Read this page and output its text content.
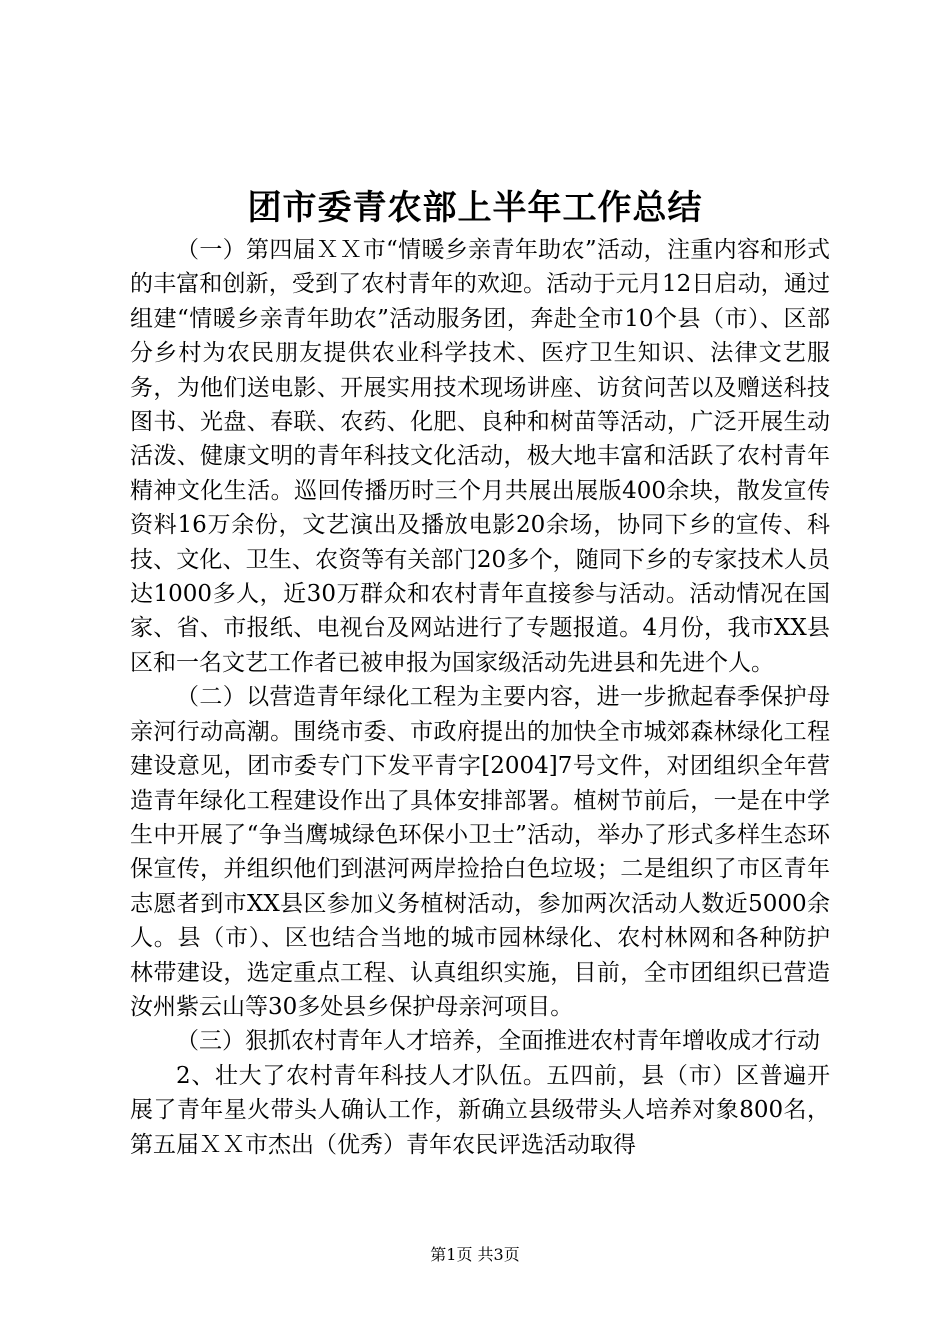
团市委青农部上半年工作总结

（一）第四届ＸＸ市“情暖乡亲青年助农”活动，注重内容和形式的丰富和创新，受到了农村青年的欢迎。活动于元月12日启动，通过组建“情暖乡亲青年助农”活动服务团，奔赴全市10个县（市）、区部分乡村为农民朋友提供农业科学技术、医疗卫生知识、法律文艺服务，为他们送电影、开展实用技术现场讲座、访贫问苦以及赠送科技图书、光盘、春联、农药、化肥、良种和树苗等活动，广泛开展生动活泼、健康文明的青年科技文化活动，极大地丰富和活跃了农村青年精神文化生活。巡回传播历时三个月共展出展版400余块，散发宣传资料16万余份，文艺演出及播放电影20余场，协同下乡的宣传、科技、文化、卫生、农资等有关部门20多个，随同下乡的专家技术人员达1000多人，近30万群众和农村青年直接参与活动。活动情况在国家、省、市报纸、电视台及网站进行了专题报道。4月份，我市XX县区和一名文艺工作者已被申报为国家级活动先进县和先进个人。

（二）以营造青年绿化工程为主要内容，进一步掀起春季保护母亲河行动高潮。围绕市委、市政府提出的加快全市城郊森林绿化工程建设意见，团市委专门下发平青字[2004]7号文件，对团组织全年营造青年绿化工程建设作出了具体安排部署。植树节前后，一是在中学生中开展了“争当鹰城绿色环保小卫士”活动，举办了形式多样生态环保宣传，并组织他们到湛河两岸捡拾白色垃圾；二是组织了市区青年志愿者到市XX县区参加义务植树活动，参加两次活动人数近5000余人。县（市）、区也结合当地的城市园林绿化、农村林网和各种防护林带建设，选定重点工程、认真组织实施，目前，全市团组织已营造汝州紫云山等30多处县乡保护母亲河项目。

（三）狠抓农村青年人才培养，全面推进农村青年增收成才行动

2、壮大了农村青年科技人才队伍。五四前，县（市）区普遍开展了青年星火带头人确认工作，新确立县级带头人培养对象800名，第五届ＸＸ市杰出（优秀）青年农民评选活动取得

第1页 共3页
